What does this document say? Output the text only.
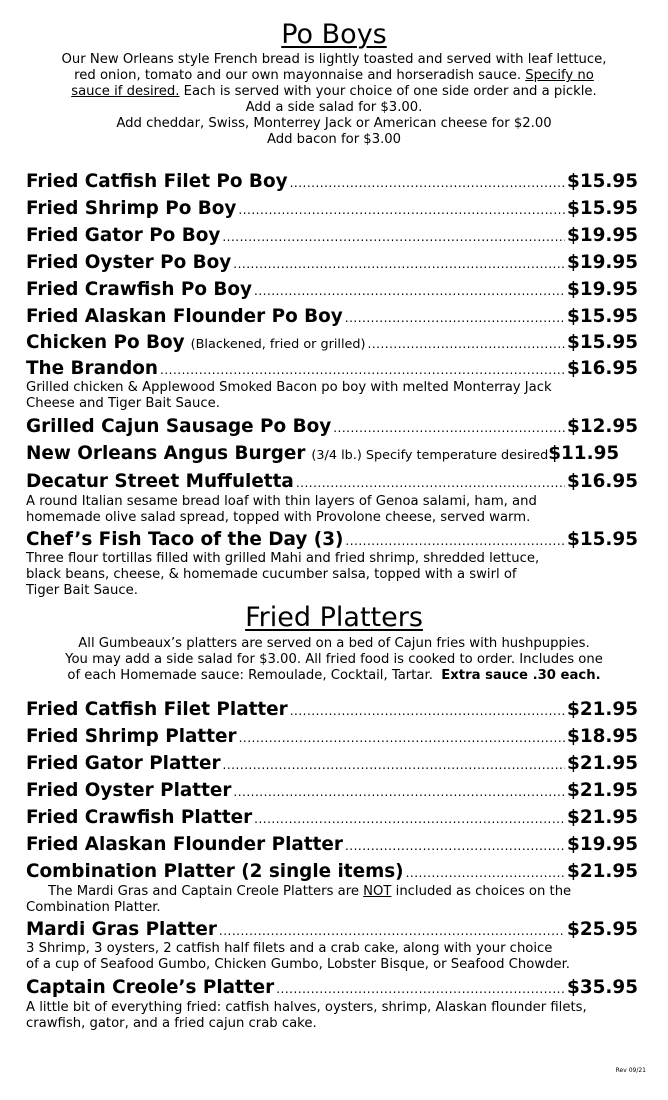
Po Boys

Our New Orleans style French bread is lightly toasted and served with leaf lettuce, red onion, tomato and our own mayonnaise and horseradish sauce. Specify no sauce if desired. Each is served with your choice of one side order and a pickle. Add a side salad for $3.00.

Add cheddar, Swiss, Monterrey Jack or American cheese for $2.00

Add bacon for $3.00

Fried Catfish Filet Po Boy .....	$15.95
Fried Shrimp Po Boy .....	$15.95
Fried Gator Po Boy .....	$19.95
Fried Oyster Po Boy .....	$19.95
Fried Crawfish Po Boy .....	$19.95
Fried Alaskan Flounder Po Boy .....	$15.95
Chicken Po Boy (Blackened, fried or grilled) .....	$15.95
The Brandon .....	$16.95
Grilled chicken & Applewood Smoked Bacon po boy with melted Monterray Jack
Cheese and Tiger Bait Sauce.
Grilled Cajun Sausage Po Boy .....	$12.95
New Orleans Angus Burger (3/4 lb.) Specify temperature desired $11.95
Decatur Street Muffuletta .....	$16.95
A round Italian sesame bread loaf with thin layers of Genoa salami, ham, and
homemade olive salad spread, topped with Provolone cheese, served warm.
Chef’s Fish Taco of the Day (3) .....	$15.95
Three flour tortillas filled with grilled Mahi and fried shrimp, shredded lettuce,
black beans, cheese, & homemade cucumber salsa, topped with a swirl of
Tiger Bait Sauce.
Fried Platters

All Gumbeaux’s platters are served on a bed of Cajun fries with hushpuppies.

You may add a side salad for $3.00. All fried food is cooked to order. Includes one

of each Homemade sauce: Remoulade, Cocktail, Tartar. Extra sauce .30 each.

Fried Catfish Filet Platter .....	$21.95
Fried Shrimp Platter .....	$18.95
Fried Gator Platter .....	$21.95
Fried Oyster Platter .....	$21.95
Fried Crawfish Platter .....	$21.95
Fried Alaskan Flounder Platter .....	$19.95
Combination Platter (2 single items) .....	$21.95
The Mardi Gras and Captain Creole Platters are NOT included as choices on the Combination Platter.
Mardi Gras Platter .....	$25.95
3 Shrimp, 3 oysters, 2 catfish half filets and a crab cake, along with your choice
of a cup of Seafood Gumbo, Chicken Gumbo, Lobster Bisque, or Seafood Chowder.
Captain Creole’s Platter .....	$35.95
A little bit of everything fried: catfish halves, oysters, shrimp, Alaskan flounder filets,
crawfish, gator, and a fried cajun crab cake.
Rev 09/21
